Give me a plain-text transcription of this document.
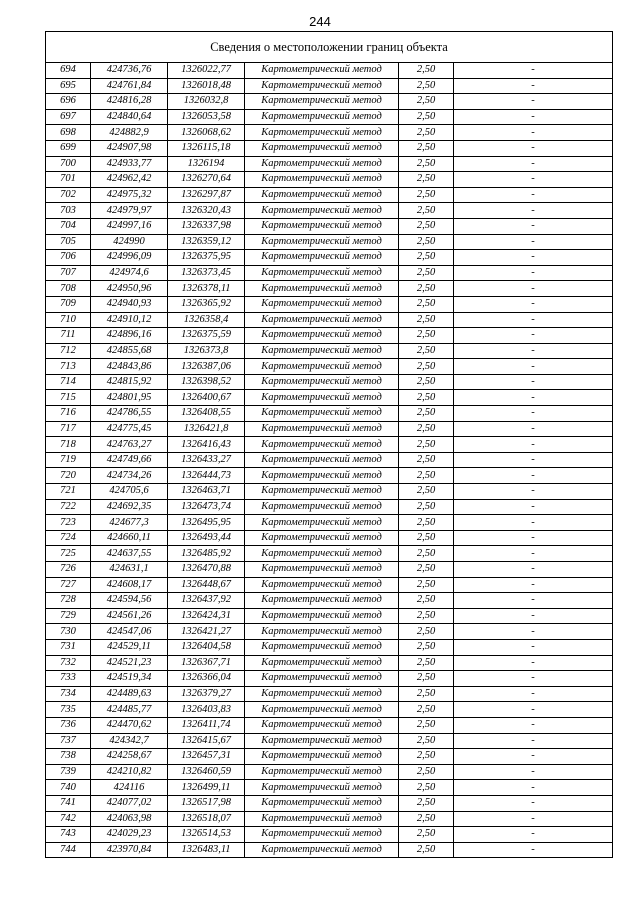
244
Сведения о местоположении границ объекта					
694	424736,76	1326022,77	Картометрический метод	2,50	-
695	424761,84	1326018,48	Картометрический метод	2,50	-
696	424816,28	1326032,8	Картометрический метод	2,50	-
697	424840,64	1326053,58	Картометрический метод	2,50	-
698	424882,9	1326068,62	Картометрический метод	2,50	-
699	424907,98	1326115,18	Картометрический метод	2,50	-
700	424933,77	1326194	Картометрический метод	2,50	-
701	424962,42	1326270,64	Картометрический метод	2,50	-
702	424975,32	1326297,87	Картометрический метод	2,50	-
703	424979,97	1326320,43	Картометрический метод	2,50	-
704	424997,16	1326337,98	Картометрический метод	2,50	-
705	424990	1326359,12	Картометрический метод	2,50	-
706	424996,09	1326375,95	Картометрический метод	2,50	-
707	424974,6	1326373,45	Картометрический метод	2,50	-
708	424950,96	1326378,11	Картометрический метод	2,50	-
709	424940,93	1326365,92	Картометрический метод	2,50	-
710	424910,12	1326358,4	Картометрический метод	2,50	-
711	424896,16	1326375,59	Картометрический метод	2,50	-
712	424855,68	1326373,8	Картометрический метод	2,50	-
713	424843,86	1326387,06	Картометрический метод	2,50	-
714	424815,92	1326398,52	Картометрический метод	2,50	-
715	424801,95	1326400,67	Картометрический метод	2,50	-
716	424786,55	1326408,55	Картометрический метод	2,50	-
717	424775,45	1326421,8	Картометрический метод	2,50	-
718	424763,27	1326416,43	Картометрический метод	2,50	-
719	424749,66	1326433,27	Картометрический метод	2,50	-
720	424734,26	1326444,73	Картометрический метод	2,50	-
721	424705,6	1326463,71	Картометрический метод	2,50	-
722	424692,35	1326473,74	Картометрический метод	2,50	-
723	424677,3	1326495,95	Картометрический метод	2,50	-
724	424660,11	1326493,44	Картометрический метод	2,50	-
725	424637,55	1326485,92	Картометрический метод	2,50	-
726	424631,1	1326470,88	Картометрический метод	2,50	-
727	424608,17	1326448,67	Картометрический метод	2,50	-
728	424594,56	1326437,92	Картометрический метод	2,50	-
729	424561,26	1326424,31	Картометрический метод	2,50	-
730	424547,06	1326421,27	Картометрический метод	2,50	-
731	424529,11	1326404,58	Картометрический метод	2,50	-
732	424521,23	1326367,71	Картометрический метод	2,50	-
733	424519,34	1326366,04	Картометрический метод	2,50	-
734	424489,63	1326379,27	Картометрический метод	2,50	-
735	424485,77	1326403,83	Картометрический метод	2,50	-
736	424470,62	1326411,74	Картометрический метод	2,50	-
737	424342,7	1326415,67	Картометрический метод	2,50	-
738	424258,67	1326457,31	Картометрический метод	2,50	-
739	424210,82	1326460,59	Картометрический метод	2,50	-
740	424116	1326499,11	Картометрический метод	2,50	-
741	424077,02	1326517,98	Картометрический метод	2,50	-
742	424063,98	1326518,07	Картометрический метод	2,50	-
743	424029,23	1326514,53	Картометрический метод	2,50	-
744	423970,84	1326483,11	Картометрический метод	2,50	-
